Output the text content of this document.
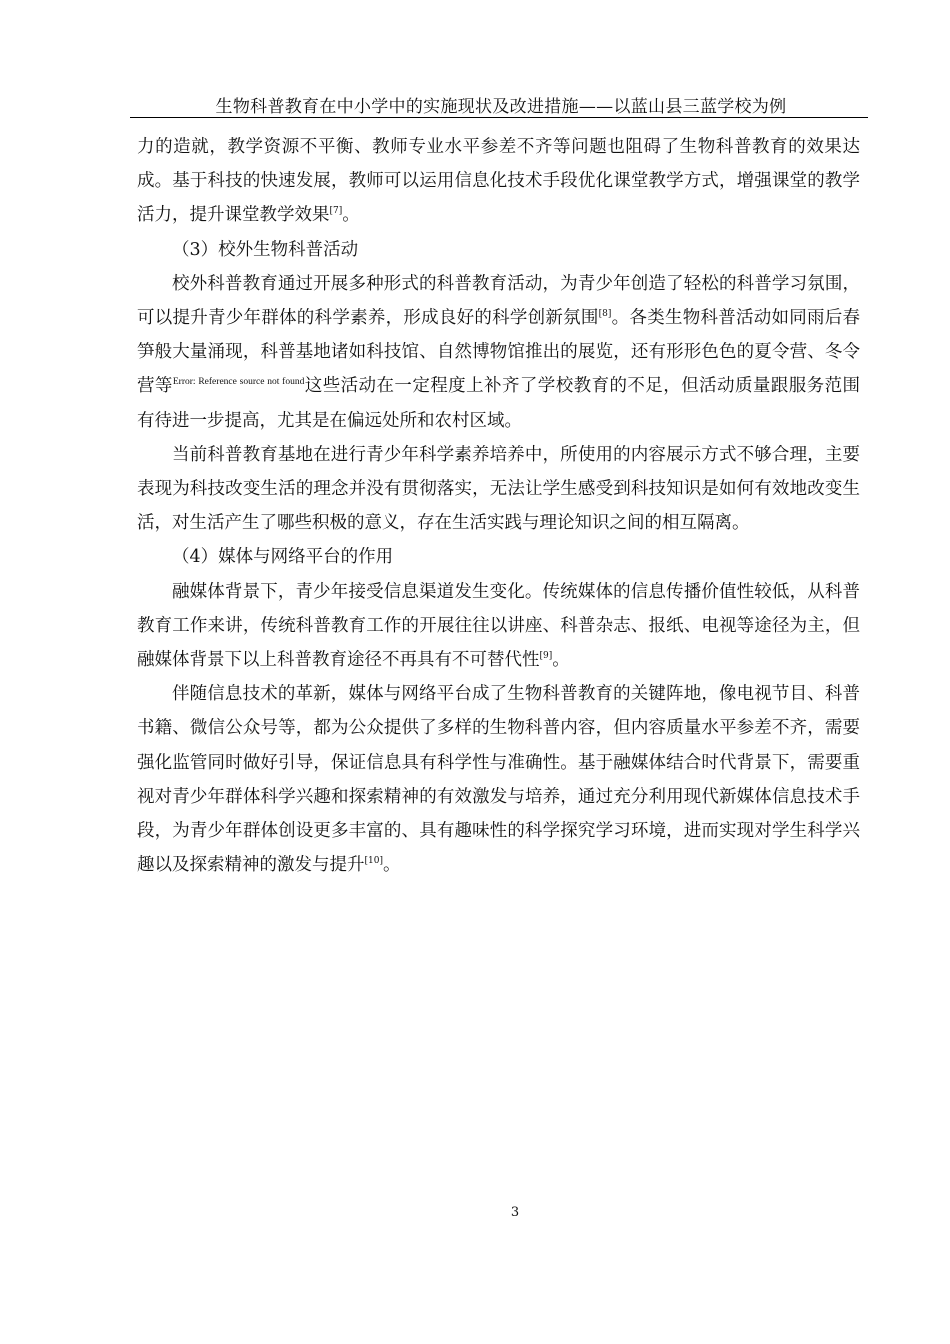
生物科普教育在中小学中的实施现状及改进措施——以蓝山县三蓝学校为例

力的造就，教学资源不平衡、教师专业水平参差不齐等问题也阻碍了生物科普教育的效果达成。基于科技的快速发展，教师可以运用信息化技术手段优化课堂教学方式，增强课堂的教学活力，提升课堂教学效果[7]。

（3）校外生物科普活动

校外科普教育通过开展多种形式的科普教育活动，为青少年创造了轻松的科普学习氛围，可以提升青少年群体的科学素养，形成良好的科学创新氛围[8]。各类生物科普活动如同雨后春笋般大量涌现，科普基地诸如科技馆、自然博物馆推出的展览，还有形形色色的夏令营、冬令营等$^{Error: Reference source not found}$这些活动在一定程度上补齐了学校教育的不足，但活动质量跟服务范围有待进一步提高，尤其是在偏远处所和农村区域。

当前科普教育基地在进行青少年科学素养培养中，所使用的内容展示方式不够合理，主要表现为科技改变生活的理念并没有贯彻落实，无法让学生感受到科技知识是如何有效地改变生活，对生活产生了哪些积极的意义，存在生活实践与理论知识之间的相互隔离。

（4）媒体与网络平台的作用

融媒体背景下，青少年接受信息渠道发生变化。传统媒体的信息传播价值性较低，从科普教育工作来讲，传统科普教育工作的开展往往以讲座、科普杂志、报纸、电视等途径为主，但融媒体背景下以上科普教育途径不再具有不可替代性[9]。

伴随信息技术的革新，媒体与网络平台成了生物科普教育的关键阵地，像电视节目、科普书籍、微信公众号等，都为公众提供了多样的生物科普内容，但内容质量水平参差不齐，需要强化监管同时做好引导，保证信息具有科学性与准确性。基于融媒体结合时代背景下，需要重视对青少年群体科学兴趣和探索精神的有效激发与培养，通过充分利用现代新媒体信息技术手段，为青少年群体创设更多丰富的、具有趣味性的科学探究学习环境，进而实现对学生科学兴趣以及探索精神的激发与提升[10]。

3
